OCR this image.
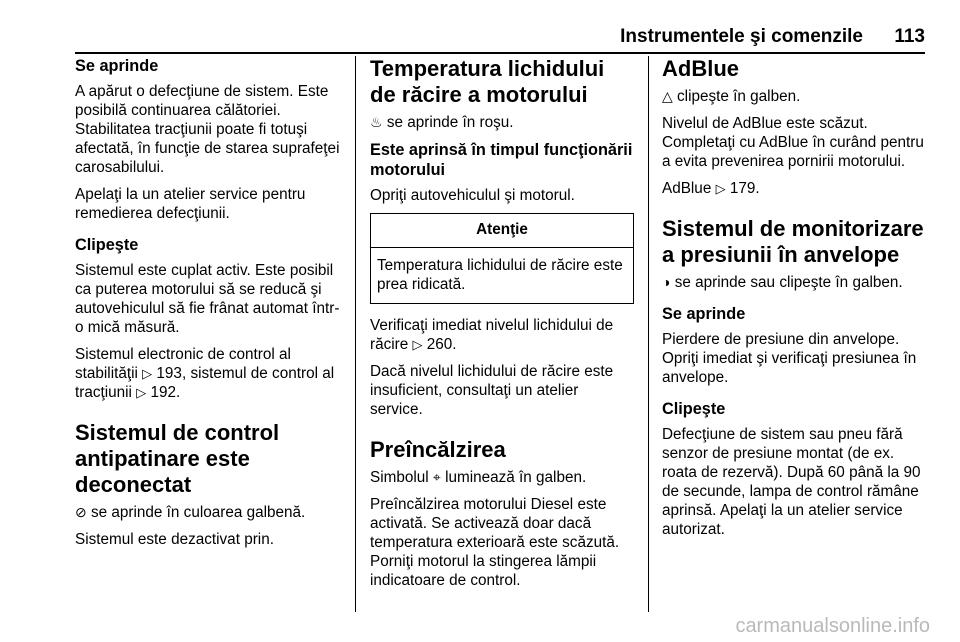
Instrumentele şi comenzile 113
Se aprinde

A apărut o defecţiune de sistem. Este posibilă continuarea călătoriei. Stabilitatea tracţiunii poate fi totuşi afectată, în funcţie de starea suprafeţei carosabilului.

Apelaţi la un atelier service pentru remedierea defecţiunii.

Clipeşte

Sistemul este cuplat activ. Este posibil ca puterea motorului să se reducă şi autovehiculul să fie frânat automat într-o mică măsură.

Sistemul electronic de control al stabilităţii ▷ 193, sistemul de control al tracţiunii ▷ 192.

Sistemul de control antipatinare este deconectat

⊘ se aprinde în culoarea galbenă.

Sistemul este dezactivat prin.

Temperatura lichidului de răcire a motorului

♨ se aprinde în roşu.

Este aprinsă în timpul funcţionării motorului

Opriţi autovehiculul şi motorul.

Atenţie
Temperatura lichidului de răcire este prea ridicată.

Verificaţi imediat nivelul lichidului de răcire ▷ 260.

Dacă nivelul lichidului de răcire este insuficient, consultaţi un atelier service.

Preîncălzirea

Simbolul ⌖ luminează în galben.

Preîncălzirea motorului Diesel este activată. Se activează doar dacă temperatura exterioară este scăzută. Porniţi motorul la stingerea lămpii indicatoare de control.

AdBlue

△ clipeşte în galben.

Nivelul de AdBlue este scăzut. Completaţi cu AdBlue în curând pentru a evita prevenirea pornirii motorului.

AdBlue ▷ 179.

Sistemul de monitorizare a presiunii în anvelope

◑ se aprinde sau clipeşte în galben.

Se aprinde

Pierdere de presiune din anvelope. Opriţi imediat şi verificaţi presiunea în anvelope.

Clipeşte

Defecţiune de sistem sau pneu fără senzor de presiune montat (de ex. roata de rezervă). După 60 până la 90 de secunde, lampa de control rămâne aprinsă. Apelaţi la un atelier service autorizat.

carmanualsonline.info
